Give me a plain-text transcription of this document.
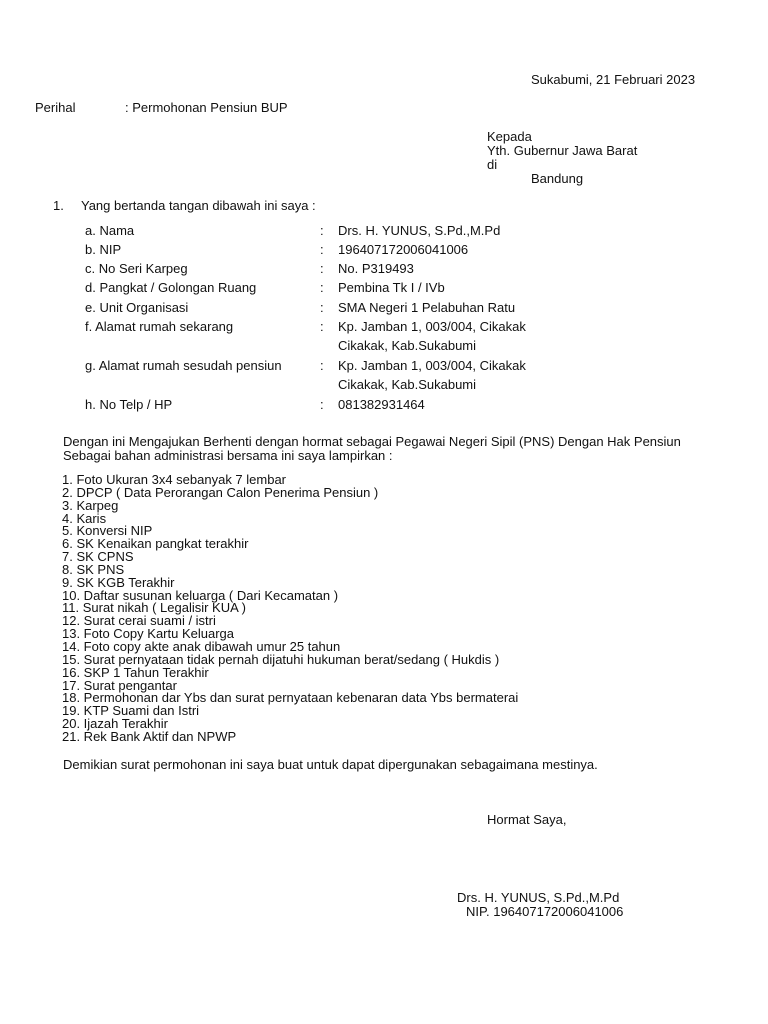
Sukabumi, 21 Februari 2023
Perihal	: Permohonan Pensiun BUP
Kepada
Yth. Gubernur Jawa Barat
di
Bandung
1. Yang bertanda tangan dibawah ini saya :
a. Nama	: Drs. H. YUNUS, S.Pd.,M.Pd
b. NIP	: 196407172006041006
c. No Seri Karpeg	: No. P319493
d. Pangkat / Golongan Ruang	: Pembina Tk I / IVb
e. Unit Organisasi	: SMA Negeri 1 Pelabuhan Ratu
f. Alamat rumah sekarang	: Kp. Jamban 1, 003/004, Cikakak
Cikakak, Kab.Sukabumi
g. Alamat rumah sesudah pensiun	: Kp. Jamban 1, 003/004, Cikakak
Cikakak, Kab.Sukabumi
h. No Telp / HP	: 081382931464
Dengan ini Mengajukan Berhenti dengan hormat sebagai Pegawai Negeri Sipil (PNS) Dengan Hak Pensiun
Sebagai bahan administrasi bersama ini saya lampirkan :
1. Foto Ukuran 3x4 sebanyak 7 lembar
2. DPCP ( Data Perorangan Calon Penerima Pensiun )
3. Karpeg
4. Karis
5. Konversi NIP
6. SK Kenaikan pangkat terakhir
7. SK CPNS
8. SK PNS
9. SK KGB Terakhir
10. Daftar susunan keluarga ( Dari Kecamatan )
11. Surat nikah ( Legalisir KUA )
12. Surat cerai suami / istri
13. Foto Copy Kartu Keluarga
14. Foto copy akte anak dibawah umur 25 tahun
15. Surat pernyataan tidak pernah dijatuhi hukuman berat/sedang ( Hukdis )
16. SKP 1 Tahun Terakhir
17. Surat pengantar
18. Permohonan dar Ybs dan surat pernyataan kebenaran data Ybs bermaterai
19. KTP Suami dan Istri
20. Ijazah Terakhir
21. Rek Bank Aktif dan NPWP
Demikian surat permohonan ini saya buat untuk dapat dipergunakan sebagaimana mestinya.
Hormat Saya,
Drs. H. YUNUS, S.Pd.,M.Pd
NIP. 196407172006041006
